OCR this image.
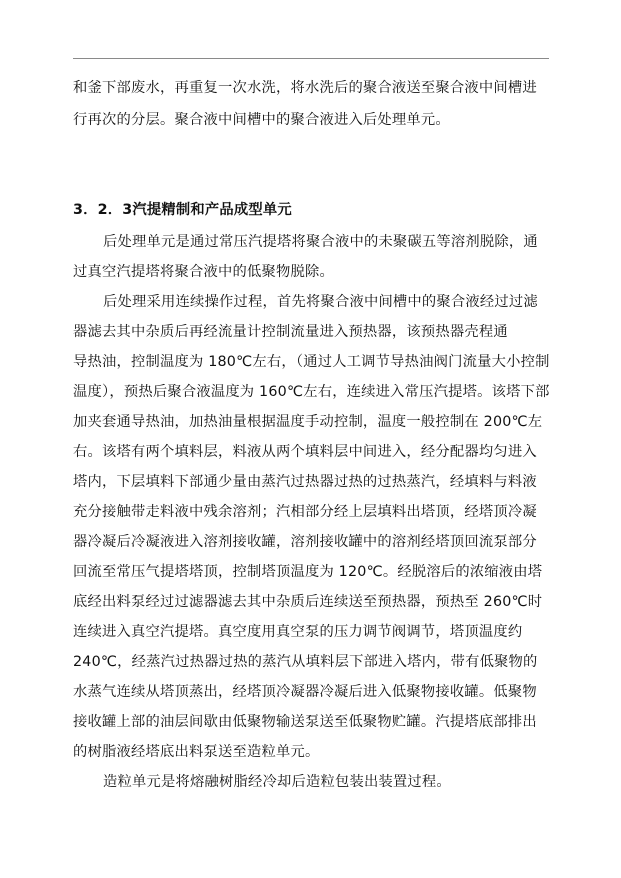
和釜下部废水，再重复一次水洗，将水洗后的聚合液送至聚合液中间槽进
行再次的分层。聚合液中间槽中的聚合液进入后处理单元。
3．2．3汽提精制和产品成型单元
后处理单元是通过常压汽提塔将聚合液中的未聚碳五等溶剂脱除，通
过真空汽提塔将聚合液中的低聚物脱除。
后处理采用连续操作过程，首先将聚合液中间槽中的聚合液经过过滤
器滤去其中杂质后再经流量计控制流量进入预热器，该预热器壳程通
导热油，控制温度为 180℃左右，（通过人工调节导热油阀门流量大小控制
温度），预热后聚合液温度为 160℃左右，连续进入常压汽提塔。该塔下部
加夹套通导热油，加热油量根据温度手动控制，温度一般控制在 200℃左
右。该塔有两个填料层，料液从两个填料层中间进入，经分配器均匀进入
塔内，下层填料下部通少量由蒸汽过热器过热的过热蒸汽，经填料与料液
充分接触带走料液中残余溶剂；汽相部分经上层填料出塔顶，经塔顶冷凝
器冷凝后冷凝液进入溶剂接收罐，溶剂接收罐中的溶剂经塔顶回流泵部分
回流至常压气提塔塔顶，控制塔顶温度为 120℃。经脱溶后的浓缩液由塔
底经出料泵经过过滤器滤去其中杂质后连续送至预热器，预热至 260℃时
连续进入真空汽提塔。真空度用真空泵的压力调节阀调节，塔顶温度约
240℃，经蒸汽过热器过热的蒸汽从填料层下部进入塔内，带有低聚物的
水蒸气连续从塔顶蒸出，经塔顶冷凝器冷凝后进入低聚物接收罐。低聚物
接收罐上部的油层间歇由低聚物输送泵送至低聚物贮罐。汽提塔底部排出
的树脂液经塔底出料泵送至造粒单元。
造粒单元是将熔融树脂经冷却后造粒包装出装置过程。
